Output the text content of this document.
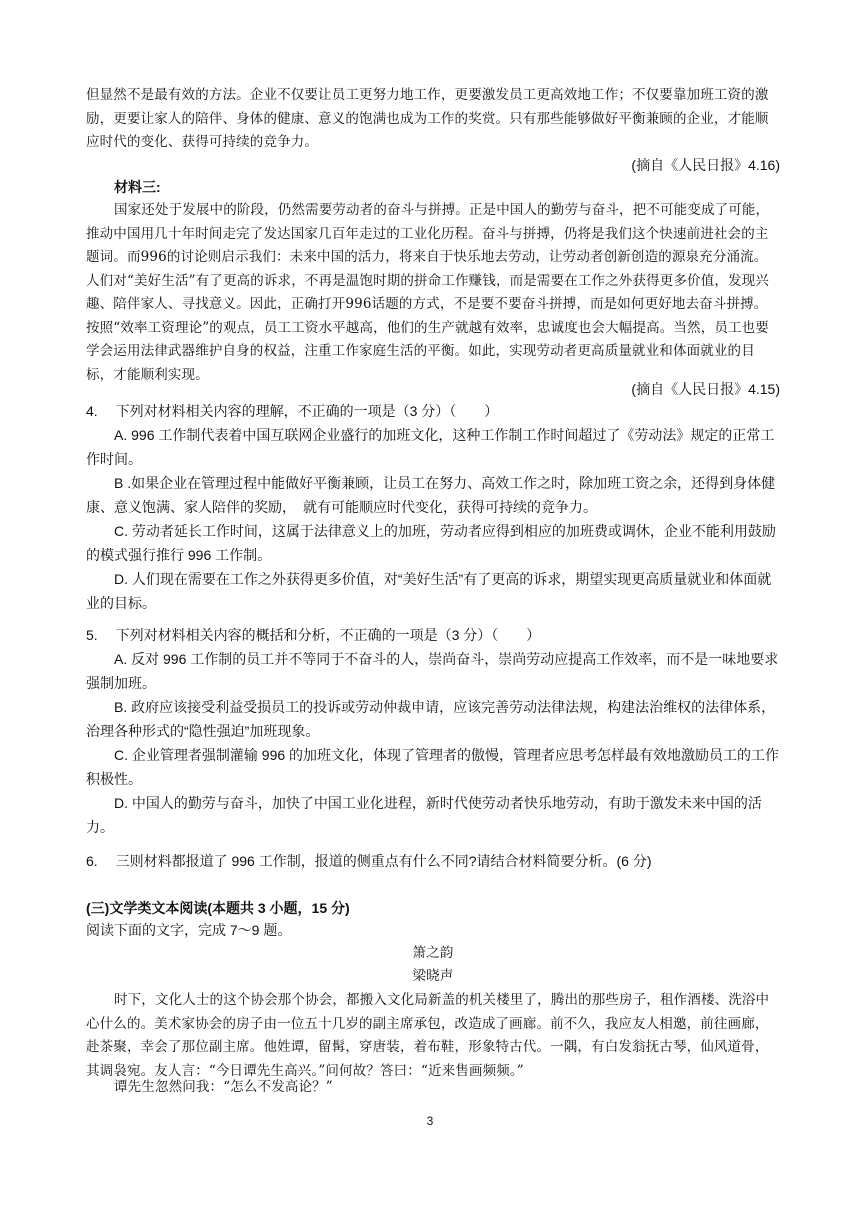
但显然不是最有效的方法。企业不仅要让员工更努力地工作，更要激发员工更高效地工作；不仅要靠加班工资的激励，更要让家人的陪伴、身体的健康、意义的饱满也成为工作的奖赏。只有那些能够做好平衡兼顾的企业，才能顺应时代的变化、获得可持续的竞争力。

(摘自《人民日报》4.16)

材料三:

国家还处于发展中的阶段，仍然需要劳动者的奋斗与拼搏。正是中国人的勤劳与奋斗，把不可能变成了可能，推动中国用几十年时间走完了发达国家几百年走过的工业化历程。奋斗与拼搏，仍将是我们这个快速前进社会的主题词。而996的讨论则启示我们：未来中国的活力，将来自于快乐地去劳动，让劳动者创新创造的源泉充分涌流。人们对“美好生活”有了更高的诉求，不再是温饱时期的拼命工作赚钱，而是需要在工作之外获得更多价值，发现兴趣、陪伴家人、寻找意义。因此，正确打开996话题的方式，不是要不要奋斗拼搏，而是如何更好地去奋斗拼搏。按照“效率工资理论”的观点，员工工资水平越高，他们的生产就越有效率，忠诚度也会大幅提高。当然，员工也要学会运用法律武器维护自身的权益，注重工作家庭生活的平衡。如此，实现劳动者更高质量就业和体面就业的目标，才能顺利实现。

(摘自《人民日报》4.15)

4.　 下列对材料相关内容的理解，不正确的一项是（3 分）（　　）

A. 996 工作制代表着中国互联网企业盛行的加班文化，这种工作制工作时间超过了《劳动法》规定的正常工作时间。

B .如果企业在管理过程中能做好平衡兼顾，让员工在努力、高效工作之时，除加班工资之余，还得到身体健康、意义饱满、家人陪伴的奖励，　就有可能顺应时代变化，获得可持续的竞争力。

C. 劳动者延长工作时间，这属于法律意义上的加班，劳动者应得到相应的加班费或调休，企业不能利用鼓励的模式强行推行 996 工作制。

D. 人们现在需要在工作之外获得更多价值，对“美好生活”有了更高的诉求，期望实现更高质量就业和体面就业的目标。

5.　 下列对材料相关内容的概括和分析，不正确的一项是（3 分）（　　）

A. 反对 996 工作制的员工并不等同于不奋斗的人，崇尚奋斗，崇尚劳动应提高工作效率，而不是一味地要求强制加班。

B. 政府应该接受利益受损员工的投诉或劳动仲裁申请，应该完善劳动法律法规，构建法治维权的法律体系，治理各种形式的“隐性强迫”加班现象。

C. 企业管理者强制灌输 996 的加班文化，体现了管理者的傲慢，管理者应思考怎样最有效地激励员工的工作积极性。

D. 中国人的勤劳与奋斗，加快了中国工业化进程，新时代使劳动者快乐地劳动，有助于激发未来中国的活力。

6.　 三则材料都报道了 996 工作制，报道的侧重点有什么不同?请结合材料简要分析。(6 分)

(三)文学类文本阅读(本题共 3 小题，15 分)

阅读下面的文字，完成 7～9 题。

箫之韵

梁晓声

时下，文化人士的这个协会那个协会，都搬入文化局新盖的机关楼里了，腾出的那些房子，租作酒楼、洗浴中心什么的。美术家协会的房子由一位五十几岁的副主席承包，改造成了画廊。前不久，我应友人相邀，前往画廊，赴茶聚，幸会了那位副主席。他姓谭，留髯，穿唐装，着布鞋，形象特古代。一隅，有白发翁抚古琴，仙风道骨，其调袅宛。友人言：“今日谭先生高兴。”问何故？答曰：“近来售画频频。”

谭先生忽然问我：“怎么不发高论？”

3
